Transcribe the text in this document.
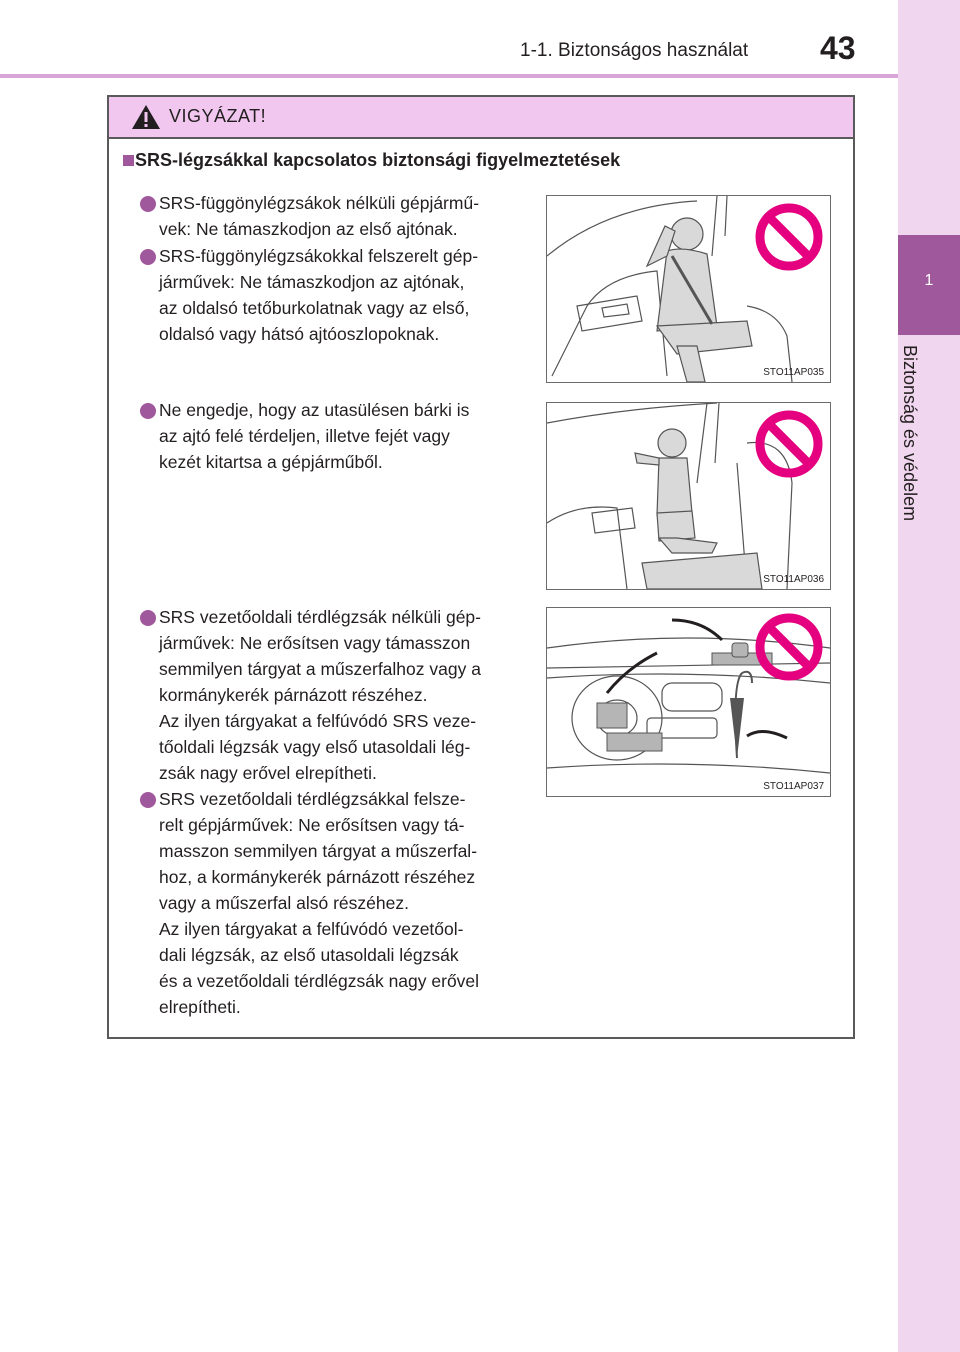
1-1. Biztonságos használat 43
1
Biztonság és védelem
VIGYÁZAT!
SRS-légzsákkal kapcsolatos biztonsági figyelmeztetések
SRS-függönylégzsákok nélküli gépjármű-
vek: Ne támaszkodjon az első ajtónak.
SRS-függönylégzsákokkal felszerelt gép-
járművek: Ne támaszkodjon az ajtónak,
az oldalsó tetőburkolatnak vagy az első,
oldalsó vagy hátsó ajtóoszlopoknak.
Ne engedje, hogy az utasülésen bárki is
az ajtó felé térdeljen, illetve fejét vagy
kezét kitartsa a gépjárműből.
SRS vezetőoldali térdlégzsák nélküli gép-
járművek: Ne erősítsen vagy támasszon
semmilyen tárgyat a műszerfalhoz vagy a
kormánykerék párnázott részéhez.
Az ilyen tárgyakat a felfúvódó SRS veze-
tőoldali légzsák vagy első utasoldali lég-
zsák nagy erővel elrepítheti.
SRS vezetőoldali térdlégzsákkal felsze-
relt gépjárművek: Ne erősítsen vagy tá-
masszon semmilyen tárgyat a műszerfal-
hoz, a kormánykerék párnázott részéhez
vagy a műszerfal alsó részéhez.
Az ilyen tárgyakat a felfúvódó vezetőol-
dali légzsák, az első utasoldali légzsák
és a vezetőoldali térdlégzsák nagy erővel
elrepítheti.
STO11AP035
STO11AP036
STO11AP037
